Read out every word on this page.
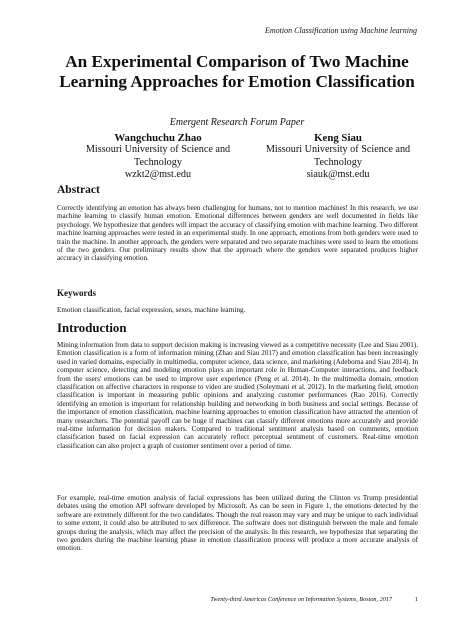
Emotion Classification using Machine learning
An Experimental Comparison of Two Machine Learning Approaches for Emotion Classification
Emergent Research Forum Paper
Wangchuchu Zhao
Missouri University of Science and Technology
wzkt2@mst.edu
Keng Siau
Missouri University of Science and Technology
siauk@mst.edu
Abstract

Correctly identifying an emotion has always been challenging for humans, not to mention machines! In this research, we use machine learning to classify human emotion. Emotional differences between genders are well documented in fields like psychology. We hypothesize that genders will impact the accuracy of classifying emotion with machine learning. Two different machine learning approaches were tested in an experimental study. In one approach, emotions from both genders were used to train the machine. In another approach, the genders were separated and two separate machines were used to learn the emotions of the two genders. Our preliminary results show that the approach where the genders were separated produces higher accuracy in classifying emotion.

Keywords

Emotion classification, facial expression, sexes, machine learning.

Introduction

Mining information from data to support decision making is increasing viewed as a competitive necessity (Lee and Siau 2001). Emotion classification is a form of information mining (Zhao and Siau 2017) and emotion classification has been increasingly used in varied domains, especially in multimedia, computer science, data science, and marketing (Adeborna and Siau 2014). In computer science, detecting and modeling emotion plays an important role in Human-Computer interactions, and feedback from the users' emotions can be used to improve user experience (Peng et al. 2014). In the multimedia domain, emotion classification on affective characters in response to video are studied (Soleymani et al. 2012). In the marketing field, emotion classification is important in measuring public opinions and analyzing customer performances (Rao 2016). Correctly identifying an emotion is important for relationship building and networking in both business and social settings. Because of the importance of emotion classification, machine learning approaches to emotion classification have attracted the attention of many researchers. The potential payoff can be huge if machines can classify different emotions more accurately and provide real-time information for decision makers. Compared to traditional sentiment analysis based on comments, emotion classification based on facial expression can accurately reflect perceptual sentiment of customers. Real-time emotion classification can also project a graph of customer sentiment over a period of time.

For example, real-time emotion analysis of facial expressions has been utilized during the Clinton vs Trump presidential debates using the emotion API software developed by Microsoft. As can be seen in Figure 1, the emotions detected by the software are extremely different for the two candidates. Though the real reason may vary and may be unique to each individual to some extent, it could also be attributed to sex difference. The software does not distinguish between the male and female groups during the analysis, which may affect the precision of the analysis. In this research, we hypothesize that separating the two genders during the machine learning phase in emotion classification process will produce a more accurate analysis of emotion.

Twenty-third Americas Conference on Information Systems, Boston, 2017	1
